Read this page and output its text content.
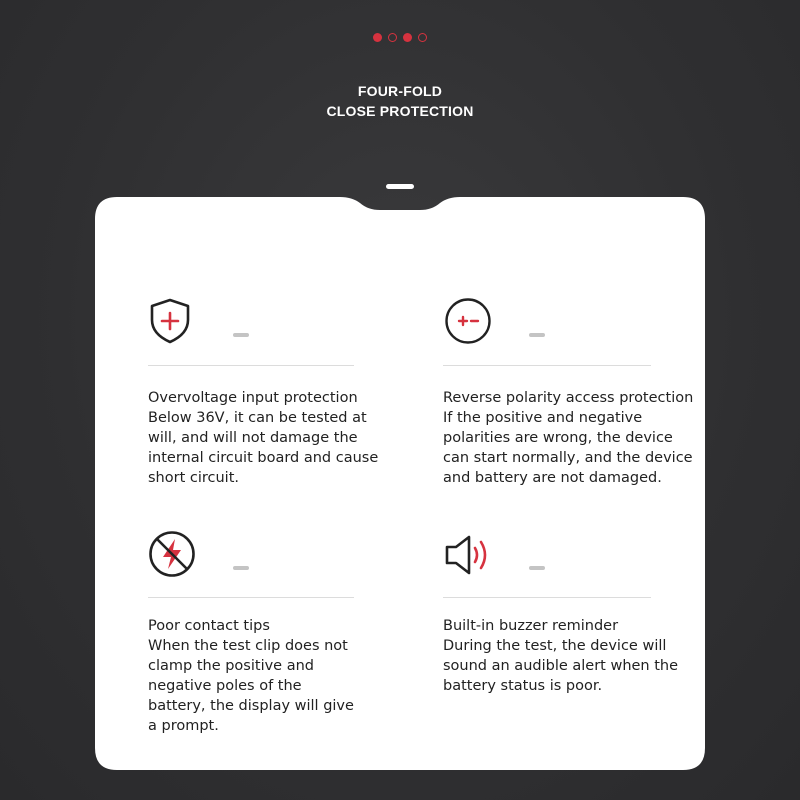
FOUR-FOLD
CLOSE PROTECTION
Overvoltage input protection
Below 36V, it can be tested at will, and will not damage the internal circuit board and cause short circuit.
Reverse polarity access protection
If the positive and negative polarities are wrong, the device can start normally, and the device and battery are not damaged.
Poor contact tips
When the test clip does not clamp the positive and negative poles of the battery, the display will give a prompt.
Built-in buzzer reminder
During the test, the device will sound an audible alert when the battery status is poor.
